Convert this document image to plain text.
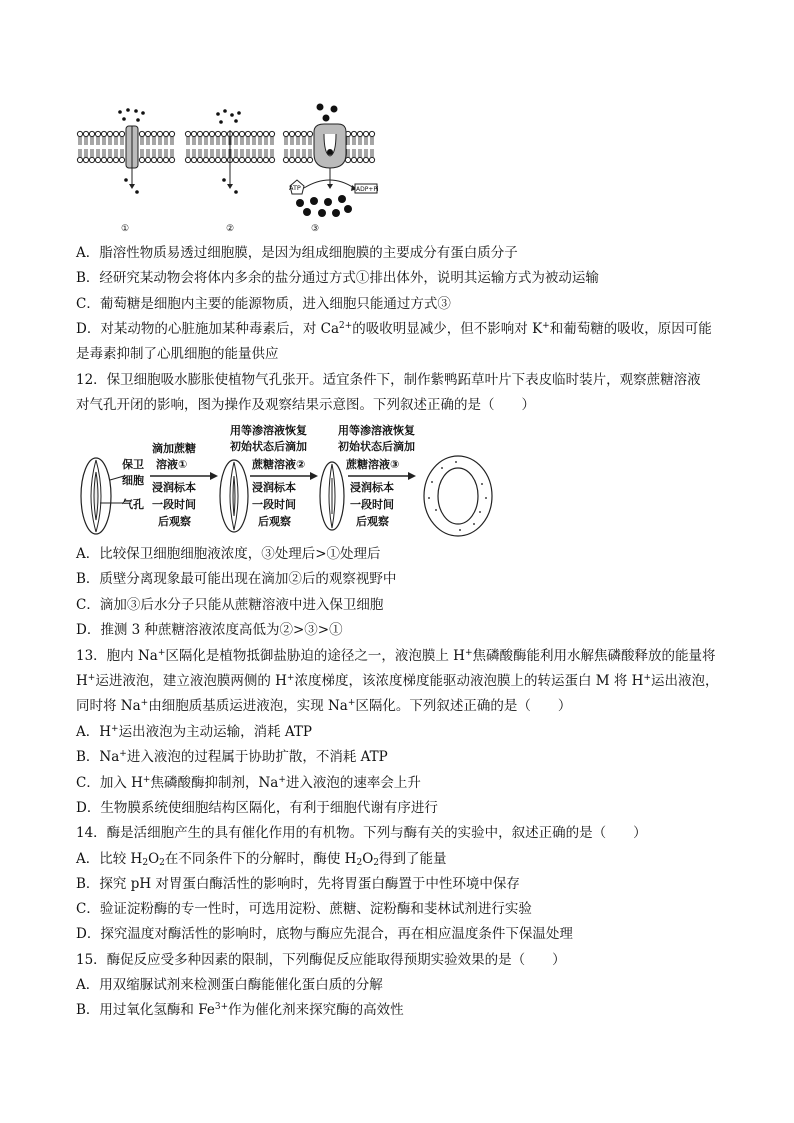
ATP	ADP+Pi
①	②	③
A．脂溶性物质易透过细胞膜，是因为组成细胞膜的主要成分有蛋白质分子
B．经研究某动物会将体内多余的盐分通过方式①排出体外，说明其运输方式为被动运输
C．葡萄糖是细胞内主要的能源物质，进入细胞只能通过方式③
D．对某动物的心脏施加某种毒素后，对 $Ca^{2+}$的吸收明显减少，但不影响对 K+和葡萄糖的吸收，原因可能
是毒素抑制了心肌细胞的能量供应
12．保卫细胞吸水膨胀使植物气孔张开。适宜条件下，制作紫鸭跖草叶片下表皮临时装片，观察蔗糖溶液
对气孔开闭的影响，图为操作及观察结果示意图。下列叙述正确的是（　　）
保卫
细胞
气孔
滴加蔗糖
溶液①
浸润标本
一段时间
后观察
用等渗溶液恢复
初始状态后滴加
蔗糖溶液②
浸润标本
一段时间
后观察
用等渗溶液恢复
初始状态后滴加
蔗糖溶液③
浸润标本
一段时间
后观察
A．比较保卫细胞细胞液浓度，③处理后>①处理后
B．质壁分离现象最可能出现在滴加②后的观察视野中
C．滴加③后水分子只能从蔗糖溶液中进入保卫细胞
D．推测 3 种蔗糖溶液浓度高低为②>③>①
13．胞内 Na+区隔化是植物抵御盐胁迫的途径之一，液泡膜上 H+焦磷酸酶能利用水解焦磷酸释放的能量将
H+运进液泡，建立液泡膜两侧的 H+浓度梯度，该浓度梯度能驱动液泡膜上的转运蛋白 M 将 H+运出液泡，
同时将 Na+由细胞质基质运进液泡，实现 Na+区隔化。下列叙述正确的是（　　）
A．H+运出液泡为主动运输，消耗 ATP
B．Na+进入液泡的过程属于协助扩散，不消耗 ATP
C．加入 H+焦磷酸酶抑制剂，Na+进入液泡的速率会上升
D．生物膜系统使细胞结构区隔化，有利于细胞代谢有序进行
14．酶是活细胞产生的具有催化作用的有机物。下列与酶有关的实验中，叙述正确的是（　　）
A．比较 $H_2O_2$在不同条件下的分解时，酶使 $H_2O_2$得到了能量
B．探究 pH 对胃蛋白酶活性的影响时，先将胃蛋白酶置于中性环境中保存
C．验证淀粉酶的专一性时，可选用淀粉、蔗糖、淀粉酶和斐林试剂进行实验
D．探究温度对酶活性的影响时，底物与酶应先混合，再在相应温度条件下保温处理
15．酶促反应受多种因素的限制，下列酶促反应能取得预期实验效果的是（　　）
A．用双缩脲试剂来检测蛋白酶能催化蛋白质的分解
B．用过氧化氢酶和 $Fe^{3+}$作为催化剂来探究酶的高效性
